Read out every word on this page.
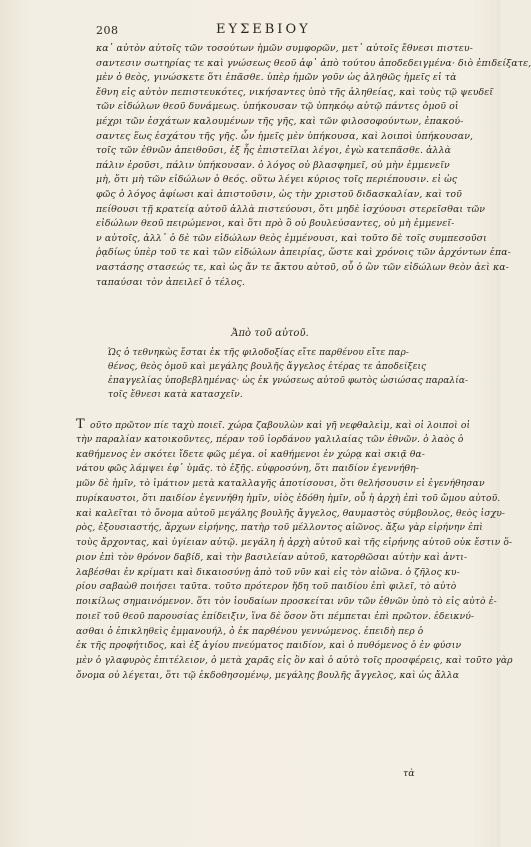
208	ΕΥΣΕΒΙΟΥ
κα᾽ αὐτὸν αὐτοῖς τῶν τοσούτων ἡμῶν συμφορῶν, μετ᾽ αὐτοῖς ἔθνεσι πιστευ-
σαντεσιν σωτηρίας τε καὶ γνώσεως θεοῦ ἀφ᾽ ἀπὸ τούτου ἀποδεδειγμένα· διὸ ἐπιδείξατε,
μὲν ὁ θεὸς, γινώσκετε ὅτι ἐπᾶσθε. ὑπὲρ ἡμῶν γοῦν ὡς ἀληθῶς ἡμεῖς εἰ τὰ
ἔθνη εἰς αὐτὸν πεπιστευκότες, νικήσαντες ὑπὸ τῆς ἀληθείας, καὶ τοὺς τῷ ψευδεῖ
τῶν εἰδώλων θεοῦ δυνάμεως. ὑπήκουσαν τῷ ὑπηκόῳ αὐτῷ πάντες ὁμοῦ οἱ
μέχρι τῶν ἐσχάτων καλουμένων τῆς γῆς, καὶ τῶν φιλοσοφούντων, ἐπακού-
σαντες ἕως ἐσχάτου τῆς γῆς. ὧν ἡμεῖς μὲν ὑπήκουσα, καὶ λοιποὶ ὑπήκουσαν,
τοῖς τῶν ἐθνῶν ἀπειθοῦσι, ἐξ ἧς ἐπιστεῖλαι λέγοι, ἐγὼ κατεπᾶσθε. ἀλλὰ
πάλιν ἐροῦσι, πάλιν ὑπήκουσαν. ὁ λόγος οὐ βλασφημεῖ, οὐ μὴν ἐμμενεῖν
μὴ, ὅτι μὴ τῶν εἰδώλων ὁ θεός. οὕτω λέγει κύριος τοῖς περιέπουσιν. εἰ ὡς
φῶς ὁ λόγος ἀφίωσι καὶ ἀπιστοῦσιν, ὡς τὴν χριστοῦ διδασκαλίαν, καὶ τοῦ
πείθουσι τῇ κρατείᾳ αὐτοῦ ἀλλὰ πιστεύουσι, ὅτι μηδὲ ἰσχύουσι στερεῖσθαι τῶν
εἰδώλων θεοῦ πειρώμενοι, καὶ ὅτι πρὸ ὃ οὐ βουλεύσαντες, οὐ μὴ ἐμμενεῖ-
ν αὐτοῖς, ἀλλ᾽ ὁ δὲ τῶν εἰδώλων θεὸς ἐμμένουσι, καὶ τοῦτο δὲ τοῖς συμπεσοῦσι
ῥᾳδίως ὑπὲρ τοῦ τε καὶ τῶν εἰδώλων ἀπειρίας, ὥστε καὶ χρόνοις τῶν ἀρχόντων ἐπα-
ναστάσης στασεώς τε, καὶ ὡς ἄν τε ἄκτου αὐτοῦ, οὗ ὁ ὢν τῶν εἰδώλων θεὸν ἀεὶ κα-
ταπαύσαι τὸν ἀπειλεῖ ὁ τέλος.
Ἀπὸ τοῦ αὐτοῦ.
Ὡς ὁ τεθνηκὼς ἔσται ἐκ τῆς φιλοδοξίας εἴτε παρθένου εἴτε παρ-
θένος, θεὸς ὁμοῦ καὶ μεγάλης βουλῆς ἄγγελος ἑτέρας τε ἀποδείξεις
ἐπαγγελίας ὑποβεβλημένας· ὡς ἐκ γνώσεως αὐτοῦ φωτὸς ὠσιώσας παραλία-
τοῖς ἔθνεσι κατὰ κατασχεῖν.
Τ οῦτο πρῶτον πίε ταχὺ ποιεῖ. χώρα ζαβουλὼν καὶ γῆ νεφθαλεὶμ, καὶ οἱ λοιποὶ οἱ
τὴν παραλίαν κατοικοῦντες, πέραν τοῦ ἰορδάνου γαλιλαίας τῶν ἐθνῶν. ὁ λαὸς ὁ
καθήμενος ἐν σκότει ἴδετε φῶς μέγα. οἱ καθήμενοι ἐν χώρᾳ καὶ σκιᾷ θα-
νάτου φῶς λάμψει ἐφ᾽ ὑμᾶς. τὸ ἐξῆς. εὐφροσύνη, ὅτι παιδίον ἐγεννήθη-
μῶν δὲ ἡμῖν, τὸ ἱμάτιον μετὰ καταλλαγῆς ἀποτίσουσι, ὅτι θελήσουσιν εἰ ἐγενήθησαν
πυρίκαυστοι, ὅτι παιδίον ἐγεννήθη ἡμῖν, υἱὸς ἐδόθη ἡμῖν, οὗ ἡ ἀρχὴ ἐπὶ τοῦ ὤμου αὐτοῦ.
καὶ καλεῖται τὸ ὄνομα αὐτοῦ μεγάλης βουλῆς ἄγγελος, θαυμαστὸς σύμβουλος, θεὸς ἰσχυ-
ρὸς, ἐξουσιαστής, ἄρχων εἰρήνης, πατὴρ τοῦ μέλλοντος αἰῶνος. ἄξω γὰρ εἰρήνην ἐπὶ
τοὺς ἄρχοντας, καὶ ὑγίειαν αὐτῷ. μεγάλη ἡ ἀρχὴ αὐτοῦ καὶ τῆς εἰρήνης αὐτοῦ οὐκ ἔστιν ὅ-
ριον ἐπὶ τὸν θρόνον δαβίδ, καὶ τὴν βασιλείαν αὐτοῦ, κατορθῶσαι αὐτὴν καὶ ἀντι-
λαβέσθαι ἐν κρίματι καὶ δικαιοσύνῃ ἀπὸ τοῦ νῦν καὶ εἰς τὸν αἰῶνα. ὁ ζῆλος κυ-
ρίου σαβαὼθ ποιήσει ταῦτα. τοῦτο πρότερον ἤδη τοῦ παιδίου ἐπὶ φιλεῖ, τὸ αὐτὸ
ποικίλως σημαινόμενον. ὅτι τὸν ἰουδαίων προσκείται νῦν τῶν ἐθνῶν ὑπὸ τὸ εἰς αὐτὸ ἑ-
ποιεῖ τοῦ θεοῦ παρουσίας ἐπίδειξιν, ἵνα δὲ ὅσον ὅτι πέμπεται ἐπὶ πρῶτον. ἐδεικνύ-
ασθαι ὁ ἐπικληθεὶς ἐμμανουήλ, ὁ ἐκ παρθένου γεννώμενος. ἐπειδὴ περ ὁ
ἐκ τῆς προφήτιδος, καὶ ἐξ ἁγίου πνεύματος παιδίον, καὶ ὁ πυθόμενος ὁ ἐν φύσιν
μὲν ὁ γλαφυρὸς ἐπιτέλειον, ὁ μετὰ χαρᾶς εἰς ὃν καὶ ὁ αὐτὸ τοῖς προσφέρεις, καὶ τοῦτο γὰρ
ὄνομα οὐ λέγεται, ὅτι τῷ ἐκδοθησομένῳ, μεγάλης βουλῆς ἄγγελος, καὶ ὡς ἄλλα
τὰ
